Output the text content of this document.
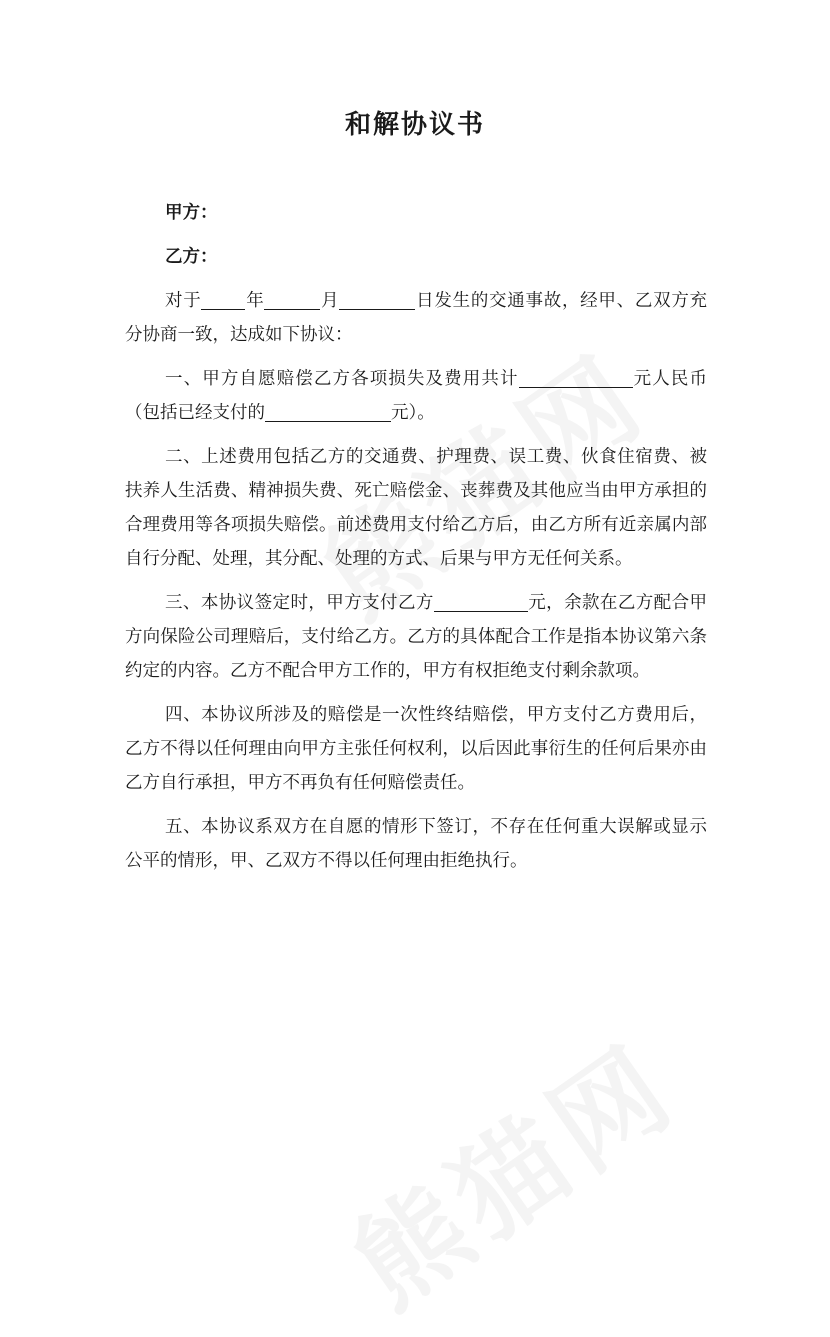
和解协议书
甲方：
乙方：

对于	年	月	日发生的交通事故，经甲、乙双方充分协商一致，达成如下协议：

一、甲方自愿赔偿乙方各项损失及费用共计	元人民币（包括已经支付的	元）。

二、上述费用包括乙方的交通费、护理费、误工费、伙食住宿费、被扶养人生活费、精神损失费、死亡赔偿金、丧葬费及其他应当由甲方承担的合理费用等各项损失赔偿。前述费用支付给乙方后，由乙方所有近亲属内部自行分配、处理，其分配、处理的方式、后果与甲方无任何关系。

三、本协议签定时，甲方支付乙方	元，余款在乙方配合甲方向保险公司理赔后，支付给乙方。乙方的具体配合工作是指本协议第六条约定的内容。乙方不配合甲方工作的，甲方有权拒绝支付剩余款项。

四、本协议所涉及的赔偿是一次性终结赔偿，甲方支付乙方费用后，乙方不得以任何理由向甲方主张任何权利，以后因此事衍生的任何后果亦由乙方自行承担，甲方不再负有任何赔偿责任。

五、本协议系双方在自愿的情形下签订，不存在任何重大误解或显示公平的情形，甲、乙双方不得以任何理由拒绝执行。
